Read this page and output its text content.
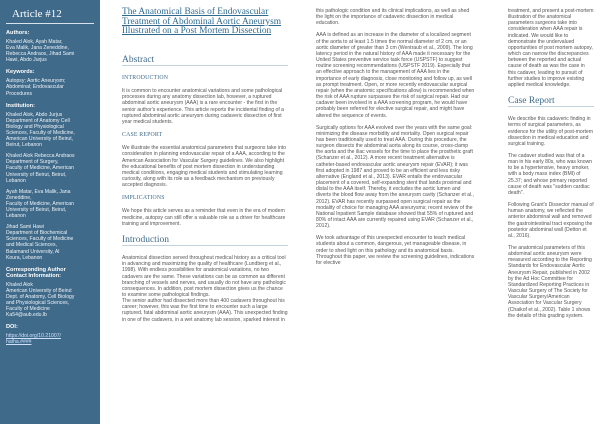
Article #12
Authors:
Khaled Alok, Ayah Matar,
Eva Malik, Jana Zeneddine,
Rebecca Andraos, Jihad Sami
Hawi, Abdo Jurjus
Keywords:
Autopsy; Aortic Aneurysm;
Abdominal; Endovascular
Procedures
Institution:
Khaled Alok, Abdo Jurjus
Department of Anatomy Cell
Biology and Physiological
Sciences, Faculty of Medicine,
American University of Beirut,
Beirut, Lebanon
Khaled Alok Rebecca Andraos
Department of Surgery,
Faculty of Medicine, American
University of Beirut, Beirut,
Lebanon
Ayah Matar, Eva Malik, Jana
Zeneddine,
Faculty of Medicine, American
University of Beirut, Beirut,
Lebanon
Jihad Sami Hawi
Department of Biochemical
Sciences, Faculty of Medicine
and Medical Sciences,
Balamand University, Al
Koura, Lebanon
Corresponding Author
Contact Information:
Khaled Alok
American University of Beirut
Dept. of Anatomy, Cell Biology
and Physiological Sciences,
Faculty of Medicine
Ka54@aub.edu.lb
DOI:
https://doi.org/10.21007/
hatha.####
The Anatomical Basis of Endovascular Treatment of Abdominal Aortic Aneurysm Illustrated on a Post Mortem Dissection
Abstract
INTRODUCTION

It is common to encounter anatomical variations and some pathological processes during any anatomy dissection lab, however, a ruptured abdominal aortic aneurysm (AAA) is a rare encounter - the first in the senior author's experience. This article reports the incidental finding of a ruptured abdominal aortic aneurysm during cadaveric dissection of first year medical students.

CASE REPORT

We illustrate the essential anatomical parameters that surgeons take into consideration in planning endovascular repair of a AAA, according to the American Association for Vascular Surgery guidelines. We also highlight the educational benefits of post mortem dissection in understanding medical conditions, engaging medical students and stimulating learning curiosity, along with its role as a feedback mechanism on previously accepted diagnosis.

IMPLICATIONS

We hope this article serves as a reminder that even in the era of modern medicine, autopsy can still offer a valuable role as a driver for healthcare training and improvement.

Introduction

Anatomical dissection served throughout medical history as a critical tool in advancing and maximizing the quality of healthcare (Lundberg et al., 1998). With endless possibilities for anatomical variations, no two cadavers are the same. These variations can be as common as different branching of vessels and nerves, and usually do not have any pathologic consequences. In addition, post mortem dissection gives us the chance to examine some pathological findings.
The senior author had dissected more than 400 cadavers throughout his career; however, this was the first time to encounter such a large ruptured, fatal abdominal aortic aneurysm (AAA). This unexpected finding in one of the cadavers, in a wet anatomy lab session, sparked interest in

this pathologic condition and its clinical implications, as well as shed the light on the importance of cadaveric dissection in medical education.

AAA is defined as an increase in the diameter of a localized segment of the aorta to at least 1.5 times the normal diameter of 2 cm, or an aortic diameter of greater than 3 cm (Wentraub et al., 2009). The long latency period in the natural history of AAA made it necessary for the United States preventive service task force (USPSTF) to suggest routine screening recommendations (USPSTF 2019). Especially that an effective approach to the management of AAA lies in the importance of early diagnosis, close monitoring and follow up, as well as prompt treatment. Open, or more recently endovascular surgical repair (when the anatomic specifications allow) is recommended when the risk of AAA rupture surpasses the risk of surgical repair. Had our cadaver been involved in a AAA screening program, he would have probably been referred for elective surgical repair, and might have altered the sequence of events.

Surgically options for AAA evolved over the years with the same goal: minimizing the disease morbidity and mortality. Open surgical repair has been traditionally used to treat AAA. During this procedure, the surgeon dissects the abdominal aorta along its course, cross-clamp the aorta and the iliac vessels for the time to place the prosthetic graft (Schanzer et al., 2012). A more recent treatment alternative is catheter-based endovascular aortic aneurysm repair (EVAR); it was first adopted in 1987 and proved to be an efficient and less risky alternative (England et al., 2013). EVAR entails the endovascular placement of a covered, self-expanding stent that lands proximal and distal to the AAA itself. Thereby, it excludes the aortic lumen and diverts the blood flow away from the aneurysm cavity (Schanzer et al., 2012). EVAR has recently surpassed open surgical repair as the modality of choice for managing AAA aneurysms; recent review of the National Inpatient Sample database showed that 55% of ruptured and 80% of intact AAA are currently repaired using EVAR (Schanzer et al., 2012).

We took advantage of this unexpected encounter to teach medical students about a common, dangerous, yet manageable disease, in order to shed light on this pathology and its anatomical basis. Throughout this paper, we review the screening guidelines, indications for elective

treatment, and present a post-mortem illustration of the anatomical parameters surgeons take into consideration when AAA repair is indicated. We would like to demonstrate the undervalued opportunities of post mortem autopsy, which can narrow the discrepancies between the reported and actual cause of death as was the case in this cadaver, leading to pursuit of further studies to improve existing applied medical knowledge.

Case Report

We describe this cadaveric finding in terms of surgical parameters, as evidence for the utility of post-mortem dissection in medical education and surgical training.

The cadaver studied was that of a man in his early 80s, who was known to be a hypertensive, heavy smoker, with a body mass index (BMI) of 25.37; and whose primary reported cause of death was "sudden cardiac death".

Following Grant's Dissector manual of human anatomy, we reflected the anterior abdominal wall and removed the gastrointestinal tract exposing the posterior abdominal wall (Detton et al., 2016).

The anatomical parameters of this abdominal aortic aneurysm were measured according to the Reporting Standards for Endovascular Aortic Aneurysm Repair, published in 2002 by the Ad Hoc Committee for Standardized Reporting Practices in Vascular Surgery of The Society for Vascular Surgery/American Association for Vascular Surgery (Chaikof et al., 2002). Table 1 shows the details of this grading system.
